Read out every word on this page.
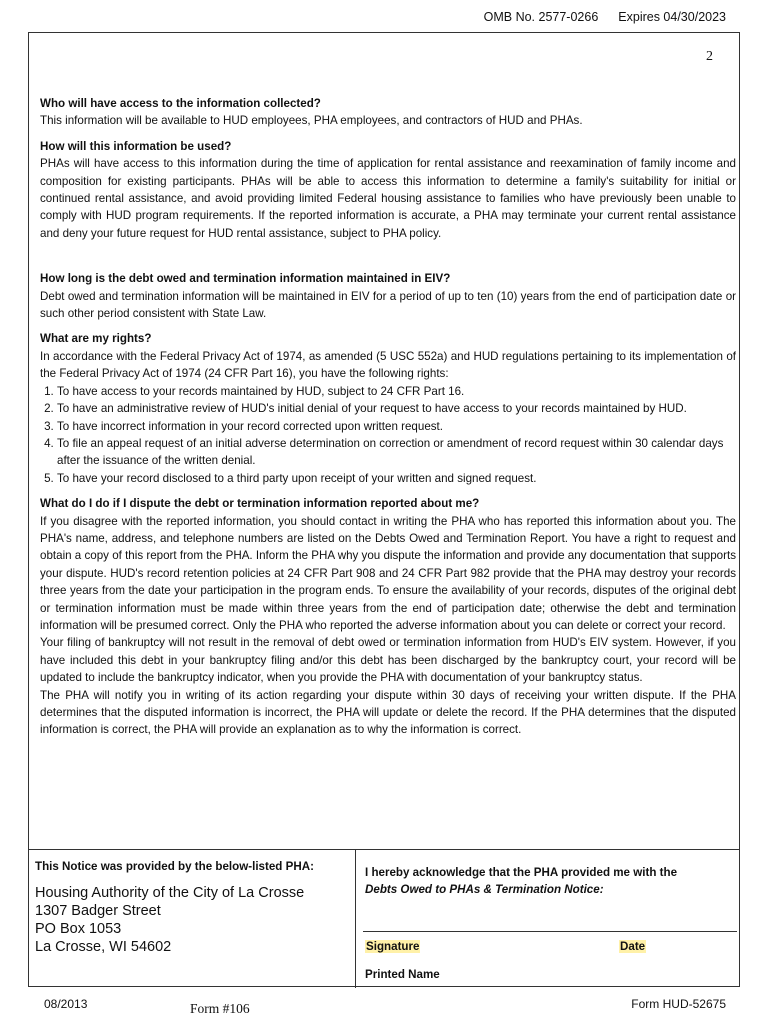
OMB No. 2577-0266 Expires 04/30/2023
2
Who will have access to the information collected?

This information will be available to HUD employees, PHA employees, and contractors of HUD and PHAs.

How will this information be used?

PHAs will have access to this information during the time of application for rental assistance and reexamination of family income and composition for existing participants. PHAs will be able to access this information to determine a family's suitability for initial or continued rental assistance, and avoid providing limited Federal housing assistance to families who have previously been unable to comply with HUD program requirements. If the reported information is accurate, a PHA may terminate your current rental assistance and deny your future request for HUD rental assistance, subject to PHA policy.

How long is the debt owed and termination information maintained in EIV?

Debt owed and termination information will be maintained in EIV for a period of up to ten (10) years from the end of participation date or such other period consistent with State Law.

What are my rights?

In accordance with the Federal Privacy Act of 1974, as amended (5 USC 552a) and HUD regulations pertaining to its implementation of the Federal Privacy Act of 1974 (24 CFR Part 16), you have the following rights:

1. To have access to your records maintained by HUD, subject to 24 CFR Part 16.
2. To have an administrative review of HUD's initial denial of your request to have access to your records maintained by HUD.
3. To have incorrect information in your record corrected upon written request.
4. To file an appeal request of an initial adverse determination on correction or amendment of record request within 30 calendar days after the issuance of the written denial.
5. To have your record disclosed to a third party upon receipt of your written and signed request.
What do I do if I dispute the debt or termination information reported about me?

If you disagree with the reported information, you should contact in writing the PHA who has reported this information about you. The PHA's name, address, and telephone numbers are listed on the Debts Owed and Termination Report. You have a right to request and obtain a copy of this report from the PHA. Inform the PHA why you dispute the information and provide any documentation that supports your dispute. HUD's record retention policies at 24 CFR Part 908 and 24 CFR Part 982 provide that the PHA may destroy your records three years from the date your participation in the program ends. To ensure the availability of your records, disputes of the original debt or termination information must be made within three years from the end of participation date; otherwise the debt and termination information will be presumed correct. Only the PHA who reported the adverse information about you can delete or correct your record.

Your filing of bankruptcy will not result in the removal of debt owed or termination information from HUD's EIV system. However, if you have included this debt in your bankruptcy filing and/or this debt has been discharged by the bankruptcy court, your record will be updated to include the bankruptcy indicator, when you provide the PHA with documentation of your bankruptcy status.

The PHA will notify you in writing of its action regarding your dispute within 30 days of receiving your written dispute. If the PHA determines that the disputed information is incorrect, the PHA will update or delete the record. If the PHA determines that the disputed information is correct, the PHA will provide an explanation as to why the information is correct.

This Notice was provided by the below-listed PHA:
Housing Authority of the City of La Crosse
1307 Badger Street
PO Box 1053
La Crosse, WI 54602
I hereby acknowledge that the PHA provided me with the
Debts Owed to PHAs & Termination Notice:
Signature	Date
Printed Name
08/2013	Form #106	Form HUD-52675
